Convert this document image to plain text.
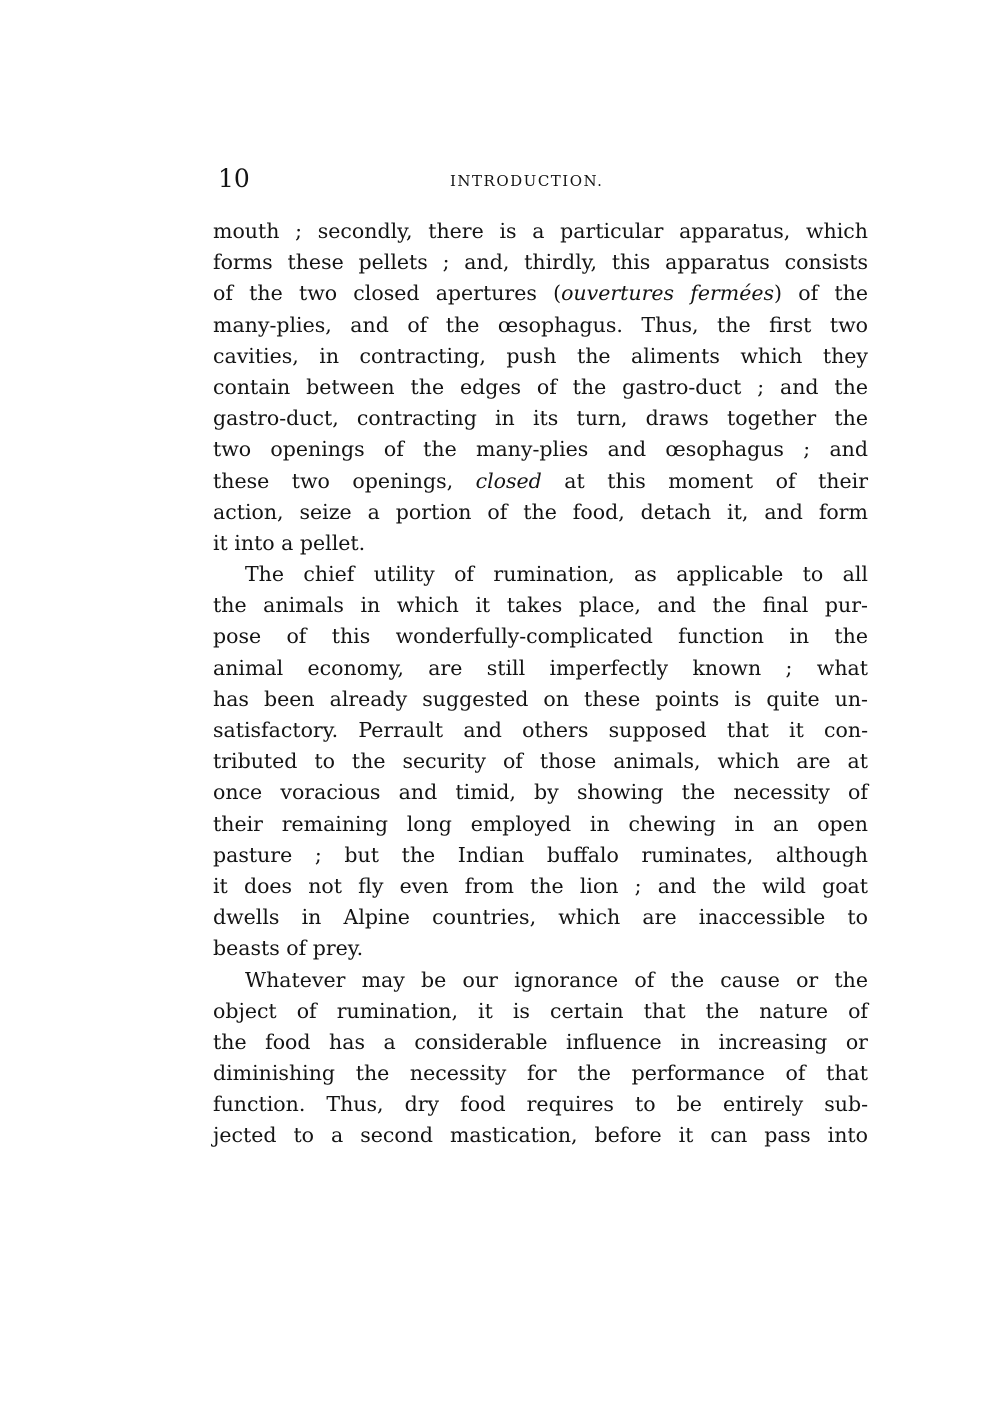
10	INTRODUCTION.
mouth ; secondly, there is a particular apparatus, which
forms these pellets ; and, thirdly, this apparatus consists
of the two closed apertures (ouvertures fermées) of the
many-plies, and of the œsophagus. Thus, the first two
cavities, in contracting, push the aliments which they
contain between the edges of the gastro-duct ; and the
gastro-duct, contracting in its turn, draws together the
two openings of the many-plies and œsophagus ; and
these two openings, closed at this moment of their
action, seize a portion of the food, detach it, and form
it into a pellet.
The chief utility of rumination, as applicable to all
the animals in which it takes place, and the final pur-
pose of this wonderfully-complicated function in the
animal economy, are still imperfectly known ; what
has been already suggested on these points is quite un-
satisfactory. Perrault and others supposed that it con-
tributed to the security of those animals, which are at
once voracious and timid, by showing the necessity of
their remaining long employed in chewing in an open
pasture ; but the Indian buffalo ruminates, although
it does not fly even from the lion ; and the wild goat
dwells in Alpine countries, which are inaccessible to
beasts of prey.
Whatever may be our ignorance of the cause or the
object of rumination, it is certain that the nature of
the food has a considerable influence in increasing or
diminishing the necessity for the performance of that
function. Thus, dry food requires to be entirely sub-
jected to a second mastication, before it can pass into
